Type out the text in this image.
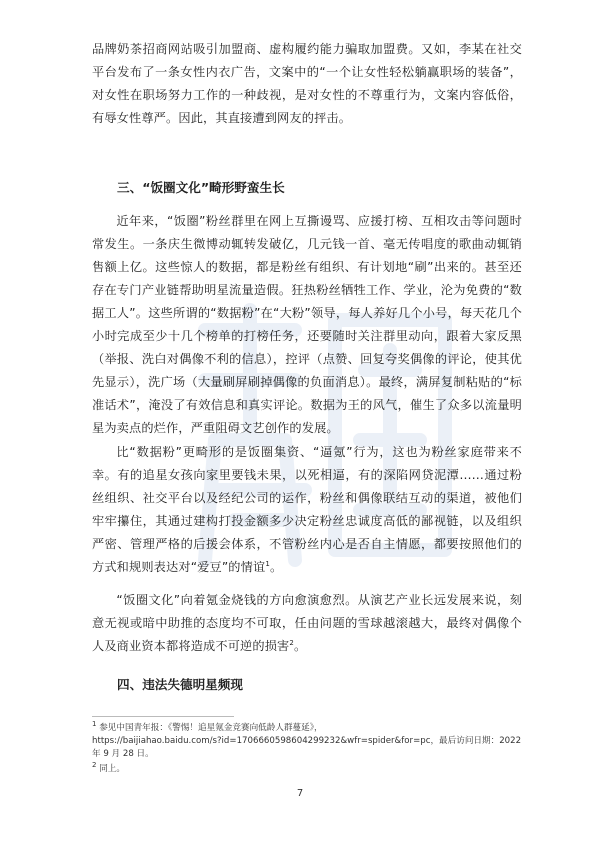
品牌奶茶招商网站吸引加盟商、虚构履约能力骗取加盟费。又如，李某在社交平台发布了一条女性内衣广告，文案中的“一个让女性轻松躺赢职场的装备”，对女性在职场努力工作的一种歧视，是对女性的不尊重行为，文案内容低俗，有辱女性尊严。因此，其直接遭到网友的抨击。

三、“饭圈文化”畸形野蛮生长

近年来，“饭圈”粉丝群里在网上互撕谩骂、应援打榜、互相攻击等问题时常发生。一条庆生微博动辄转发破亿，几元钱一首、毫无传唱度的歌曲动辄销售额上亿。这些惊人的数据，都是粉丝有组织、有计划地“刷”出来的。甚至还存在专门产业链帮助明星流量造假。狂热粉丝牺牲工作、学业，沦为免费的“数据工人”。这些所谓的“数据粉”在“大粉”领导，每人养好几个小号，每天花几个小时完成至少十几个榜单的打榜任务，还要随时关注群里动向，跟着大家反黑（举报、洗白对偶像不利的信息），控评（点赞、回复夸奖偶像的评论，使其优先显示），洗广场（大量刷屏刷掉偶像的负面消息）。最终，满屏复制粘贴的“标准话术”，淹没了有效信息和真实评论。数据为王的风气，催生了众多以流量明星为卖点的烂作，严重阻碍文艺创作的发展。

比“数据粉”更畸形的是饭圈集资、“逼氪”行为，这也为粉丝家庭带来不幸。有的追星女孩向家里要钱未果，以死相逼，有的深陷网贷泥潭……通过粉丝组织、社交平台以及经纪公司的运作，粉丝和偶像联结互动的渠道，被他们牢牢攥住，其通过建构打投金额多少决定粉丝忠诚度高低的鄙视链，以及组织严密、管理严格的后援会体系，不管粉丝内心是否自主情愿，都要按照他们的方式和规则表达对“爱豆”的情谊$^1$。

“饭圈文化”向着氪金烧钱的方向愈演愈烈。从演艺产业长远发展来说，刻意无视或暗中助推的态度均不可取，任由问题的雪球越滚越大，最终对偶像个人及商业资本都将造成不可逆的损害$^2$。

四、违法失德明星频现

$^1$ 参见中国青年报：《警惕！追星氪金竞赛向低龄人群蔓延》，
https://baijiahao.baidu.com/s?id=1706660598604299232&wfr=spider&for=pc，最后访问日期：2022 年 9 月 28 日。

$^2$ 同上。

7
